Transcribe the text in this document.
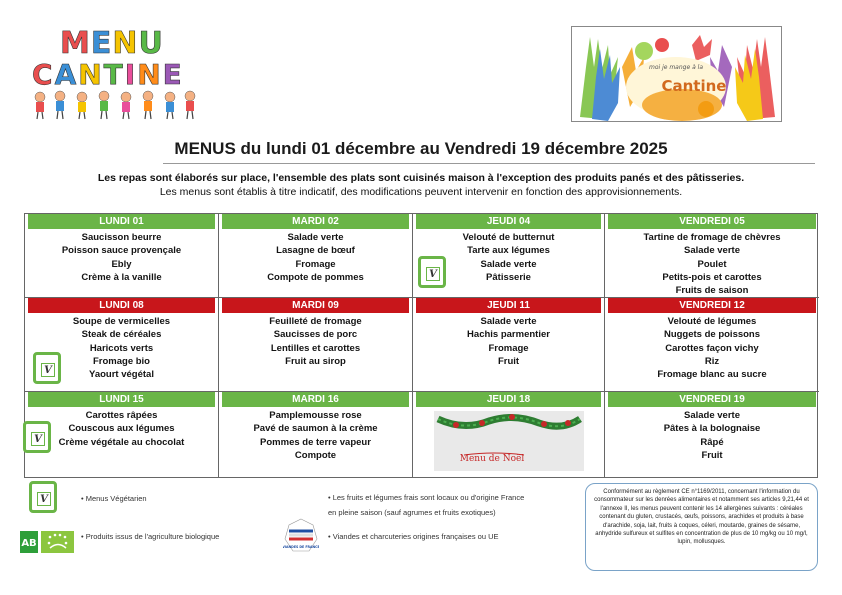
MENU
CANTINE	moi je mange à la
Cantine
MENUS du lundi 01 décembre au Vendredi 19 décembre 2025
Les repas sont élaborés sur place, l'ensemble des plats sont cuisinés maison à l'exception des produits panés et des pâtisseries.
Les menus sont établis à titre indicatif, des modifications peuvent intervenir en fonction des approvisionnements.
LUNDI 01
Saucisson beurre
Poisson sauce provençale
Ebly
Crème à la vanille
MARDI 02
Salade verte
Lasagne de bœuf
Fromage
Compote de pommes
JEUDI 04
Velouté de butternut
Tarte aux légumes
Salade verte
Pâtisserie
VENDREDI 05
Tartine de fromage de chèvres
Salade verte
Poulet
Petits-pois et carottes
Fruits de saison
LUNDI 08
Soupe de vermicelles
Steak de céréales
Haricots verts
Fromage bio
Yaourt végétal
MARDI 09
Feuilleté de fromage
Saucisses de porc
Lentilles et carottes
Fruit au sirop
JEUDI 11
Salade verte
Hachis parmentier
Fromage
Fruit
VENDREDI 12
Velouté de légumes
Nuggets de poissons
Carottes façon vichy
Riz
Fromage blanc au sucre
LUNDI 15
Carottes râpées
Couscous aux légumes
Crème végétale au chocolat
MARDI 16
Pamplemousse rose
Pavé de saumon à la crème
Pommes de terre vapeur
Compote
JEUDI 18	VENDREDI 19
Salade verte
Pâtes à la bolognaise
Râpé
Fruit
V
V
V
Menu de Noël
V	• Menus Végétarien
AB
• Produits issus de l'agriculture biologique
• Les fruits et légumes frais sont locaux ou d'origine France
en pleine saison (sauf agrumes et fruits exotiques)
VIANDES DE FRANCE
• Viandes et charcuteries origines françaises ou UE
Conformément au règlement CE n°1169/2011, concernant l'information du consommateur sur les denrées alimentaires et notamment ses articles 9,21,44 et l'annexe II, les menus peuvent contenir les 14 allergènes suivants : céréales contenant du gluten, crustacés, œufs, poissons, arachides et produits à base d'arachide, soja, lait, fruits à coques, céleri, moutarde, graines de sésame, anhydride sulfureux et sulfites en concentration de plus de 10 mg/kg ou 10 mg/l, lupin, mollusques.
